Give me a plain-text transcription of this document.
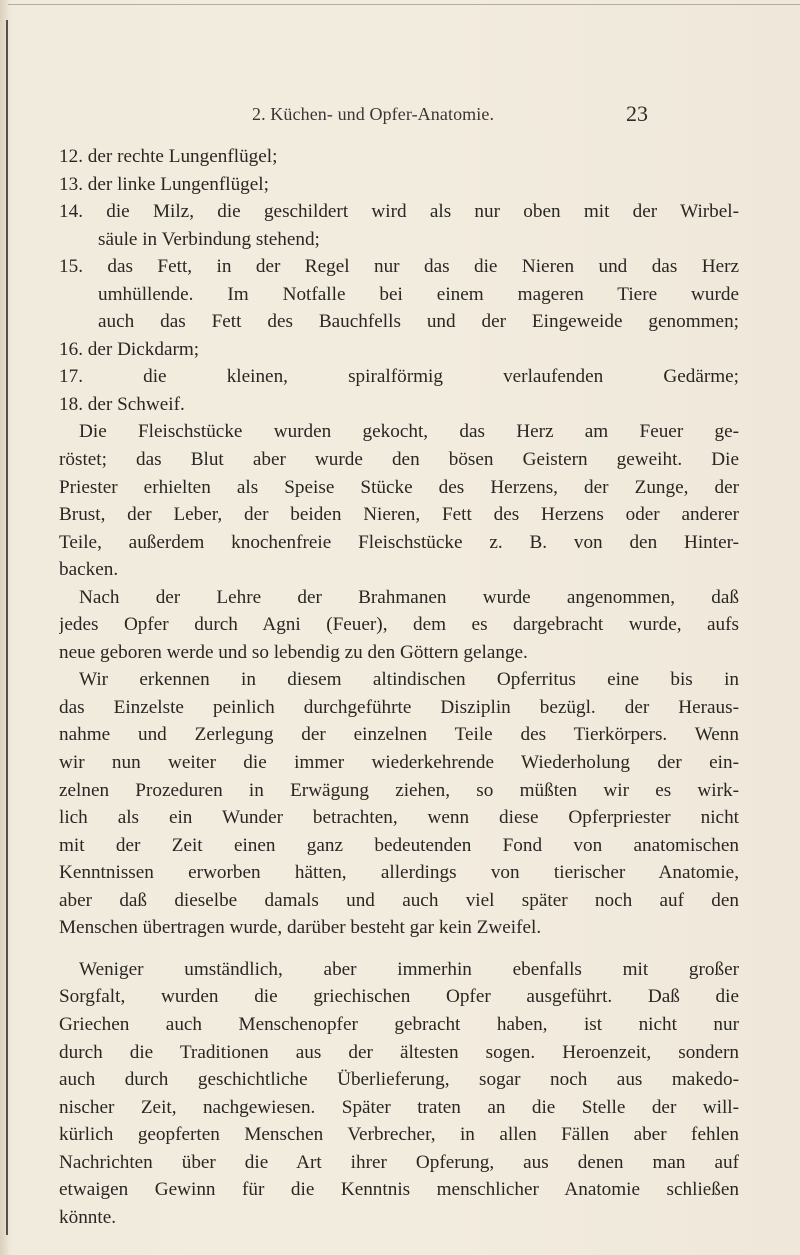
2. Küchen- und Opfer-Anatomie.	23
12. der rechte Lungenflügel;
13. der linke Lungenflügel;
14. die Milz, die geschildert wird als nur oben mit der Wirbel-
säule in Verbindung stehend;
15. das Fett, in der Regel nur das die Nieren und das Herz
umhüllende. Im Notfalle bei einem mageren Tiere wurde
auch das Fett des Bauchfells und der Eingeweide genommen;
16. der Dickdarm;
17. die kleinen, spiralförmig verlaufenden Gedärme;
18. der Schweif.
Die Fleischstücke wurden gekocht, das Herz am Feuer ge-
röstet; das Blut aber wurde den bösen Geistern geweiht. Die
Priester erhielten als Speise Stücke des Herzens, der Zunge, der
Brust, der Leber, der beiden Nieren, Fett des Herzens oder anderer
Teile, außerdem knochenfreie Fleischstücke z. B. von den Hinter-
backen.
Nach der Lehre der Brahmanen wurde angenommen, daß
jedes Opfer durch Agni (Feuer), dem es dargebracht wurde, aufs
neue geboren werde und so lebendig zu den Göttern gelange.
Wir erkennen in diesem altindischen Opferritus eine bis in
das Einzelste peinlich durchgeführte Disziplin bezügl. der Heraus-
nahme und Zerlegung der einzelnen Teile des Tierkörpers. Wenn
wir nun weiter die immer wiederkehrende Wiederholung der ein-
zelnen Prozeduren in Erwägung ziehen, so müßten wir es wirk-
lich als ein Wunder betrachten, wenn diese Opferpriester nicht
mit der Zeit einen ganz bedeutenden Fond von anatomischen
Kenntnissen erworben hätten, allerdings von tierischer Anatomie,
aber daß dieselbe damals und auch viel später noch auf den
Menschen übertragen wurde, darüber besteht gar kein Zweifel.
Weniger umständlich, aber immerhin ebenfalls mit großer
Sorgfalt, wurden die griechischen Opfer ausgeführt. Daß die
Griechen auch Menschenopfer gebracht haben, ist nicht nur
durch die Traditionen aus der ältesten sogen. Heroenzeit, sondern
auch durch geschichtliche Überlieferung, sogar noch aus makedo-
nischer Zeit, nachgewiesen. Später traten an die Stelle der will-
kürlich geopferten Menschen Verbrecher, in allen Fällen aber fehlen
Nachrichten über die Art ihrer Opferung, aus denen man auf
etwaigen Gewinn für die Kenntnis menschlicher Anatomie schließen
könnte.
